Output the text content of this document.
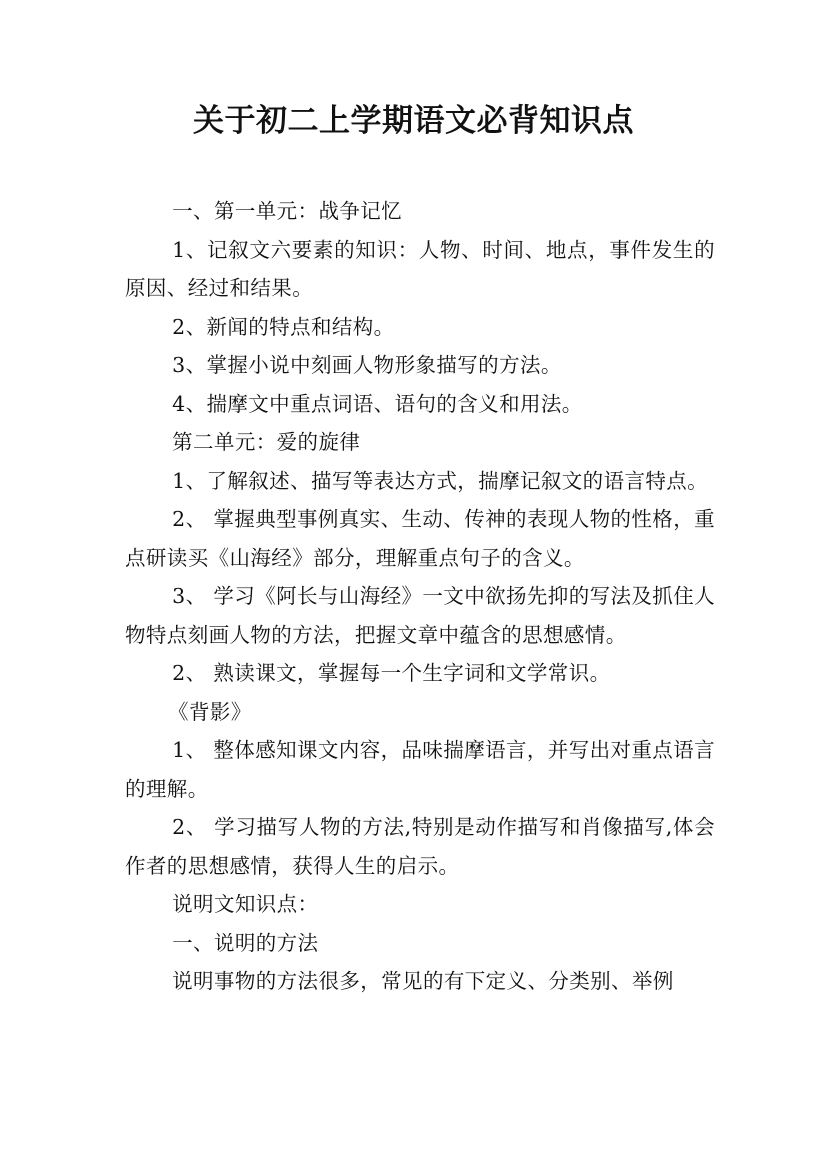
关于初二上学期语文必背知识点

一、第一单元：战争记忆

1、记叙文六要素的知识：人物、时间、地点，事件发生的原因、经过和结果。

2、新闻的特点和结构。

3、掌握小说中刻画人物形象描写的方法。

4、揣摩文中重点词语、语句的含义和用法。

第二单元：爱的旋律

1、了解叙述、描写等表达方式，揣摩记叙文的语言特点。

2、 掌握典型事例真实、生动、传神的表现人物的性格，重点研读买《山海经》部分，理解重点句子的含义。

3、 学习《阿长与山海经》一文中欲扬先抑的写法及抓住人物特点刻画人物的方法，把握文章中蕴含的思想感情。

2、 熟读课文，掌握每一个生字词和文学常识。

《背影》

1、 整体感知课文内容，品味揣摩语言，并写出对重点语言的理解。

2、 学习描写人物的方法,特别是动作描写和肖像描写,体会作者的思想感情，获得人生的启示。

说明文知识点：

一、说明的方法

说明事物的方法很多，常见的有下定义、分类别、举例
